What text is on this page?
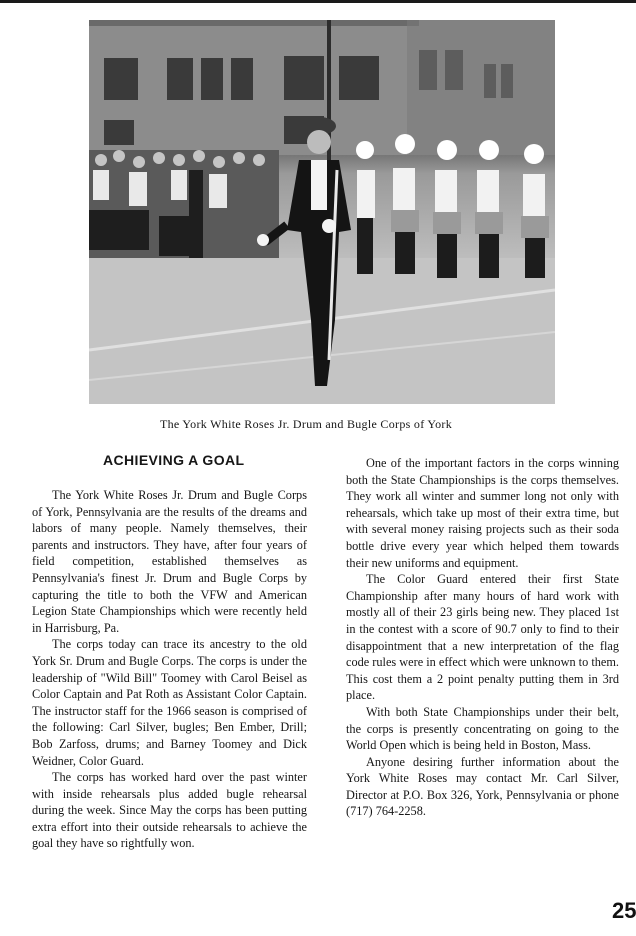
The York White Roses Jr. Drum and Bugle Corps of York
ACHIEVING A GOAL

The York White Roses Jr. Drum and Bugle Corps of York, Pennsylvania are the results of the dreams and labors of many people. Namely themselves, their parents and instructors. They have, after four years of field competition, established themselves as Pennsylvania's finest Jr. Drum and Bugle Corps by capturing the title to both the VFW and American Legion State Championships which were recently held in Harrisburg, Pa.

The corps today can trace its ancestry to the old York Sr. Drum and Bugle Corps. The corps is under the leadership of "Wild Bill" Toomey with Carol Beisel as Color Captain and Pat Roth as Assistant Color Captain. The instructor staff for the 1966 season is comprised of the following: Carl Silver, bugles; Ben Ember, Drill; Bob Zarfoss, drums; and Barney Toomey and Dick Weidner, Color Guard.

The corps has worked hard over the past winter with inside rehearsals plus added bugle rehearsal during the week. Since May the corps has been putting extra effort into their outside rehearsals to achieve the goal they have so rightfully won.

One of the important factors in the corps winning both the State Championships is the corps themselves. They work all winter and summer long not only with rehearsals, which take up most of their extra time, but with several money raising projects such as their soda bottle drive every year which helped them towards their new uniforms and equipment.

The Color Guard entered their first State Championship after many hours of hard work with mostly all of their 23 girls being new. They placed 1st in the contest with a score of 90.7 only to find to their disappointment that a new interpretation of the flag code rules were in effect which were unknown to them. This cost them a 2 point penalty putting them in 3rd place.

With both State Championships under their belt, the corps is presently concentrating on going to the World Open which is being held in Boston, Mass.

Anyone desiring further information about the York White Roses may contact Mr. Carl Silver, Director at P.O. Box 326, York, Pennsylvania or phone (717) 764-2258.

25
